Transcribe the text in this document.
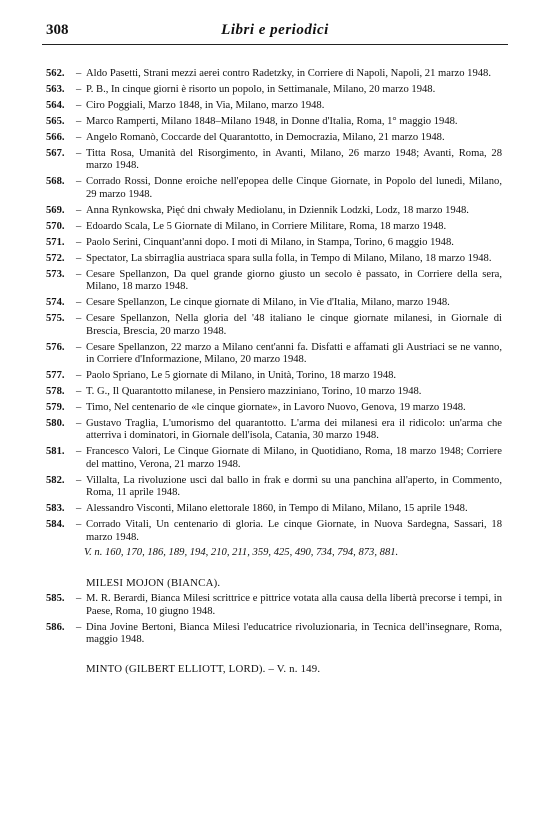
308	Libri e periodici
562.	– Aldo Pasetti, Strani mezzi aerei contro Radetzky, in Corriere di Napoli, Napoli, 21 marzo 1948.
563.	– P. B., In cinque giorni è risorto un popolo, in Settimanale, Milano, 20 marzo 1948.
564.	– Ciro Poggiali, Marzo 1848, in Via, Milano, marzo 1948.
565.	– Marco Ramperti, Milano 1848–Milano 1948, in Donne d'Italia, Roma, 1° maggio 1948.
566.	– Angelo Romanò, Coccarde del Quarantotto, in Democrazia, Milano, 21 marzo 1948.
567.	– Titta Rosa, Umanità del Risorgimento, in Avanti, Milano, 26 marzo 1948; Avanti, Roma, 28 marzo 1948.
568.	– Corrado Rossi, Donne eroiche nell'epopea delle Cinque Giornate, in Popolo del lunedì, Milano, 29 marzo 1948.
569.	– Anna Rynkowska, Pięć dni chwały Mediolanu, in Dziennik Lodzki, Lodz, 18 marzo 1948.
570.	– Edoardo Scala, Le 5 Giornate di Milano, in Corriere Militare, Roma, 18 marzo 1948.
571.	– Paolo Serini, Cinquant'anni dopo. I moti di Milano, in Stampa, Torino, 6 maggio 1948.
572.	– Spectator, La sbirraglia austriaca spara sulla folla, in Tempo di Milano, Milano, 18 marzo 1948.
573.	– Cesare Spellanzon, Da quel grande giorno giusto un secolo è passato, in Corriere della sera, Milano, 18 marzo 1948.
574.	– Cesare Spellanzon, Le cinque giornate di Milano, in Vie d'Italia, Milano, marzo 1948.
575.	– Cesare Spellanzon, Nella gloria del '48 italiano le cinque giornate milanesi, in Giornale di Brescia, Brescia, 20 marzo 1948.
576.	– Cesare Spellanzon, 22 marzo a Milano cent'anni fa. Disfatti e affamati gli Austriaci se ne vanno, in Corriere d'Informazione, Milano, 20 marzo 1948.
577.	– Paolo Spriano, Le 5 giornate di Milano, in Unità, Torino, 18 marzo 1948.
578.	– T. G., Il Quarantotto milanese, in Pensiero mazziniano, Torino, 10 marzo 1948.
579.	– Timo, Nel centenario de «le cinque giornate», in Lavoro Nuovo, Genova, 19 marzo 1948.
580.	– Gustavo Traglia, L'umorismo del quarantotto. L'arma dei milanesi era il ridicolo: un'arma che atterriva i dominatori, in Giornale dell'isola, Catania, 30 marzo 1948.
581.	– Francesco Valori, Le Cinque Giornate di Milano, in Quotidiano, Roma, 18 marzo 1948; Corriere del mattino, Verona, 21 marzo 1948.
582.	– Villalta, La rivoluzione uscì dal ballo in frak e dormì su una panchina all'aperto, in Commento, Roma, 11 aprile 1948.
583.	– Alessandro Visconti, Milano elettorale 1860, in Tempo di Milano, Milano, 15 aprile 1948.
584.	– Corrado Vitali, Un centenario di gloria. Le cinque Giornate, in Nuova Sardegna, Sassari, 18 marzo 1948.
V. n. 160, 170, 186, 189, 194, 210, 211, 359, 425, 490, 734, 794, 873, 881.
MILESI MOJON (BIANCA).
585.	– M. R. Berardi, Bianca Milesi scrittrice e pittrice votata alla causa della libertà precorse i tempi, in Paese, Roma, 10 giugno 1948.
586.	– Dina Jovine Bertoni, Bianca Milesi l'educatrice rivoluzionaria, in Tecnica dell'insegnare, Roma, maggio 1948.
MINTO (GILBERT ELLIOTT, LORD). – V. n. 149.
